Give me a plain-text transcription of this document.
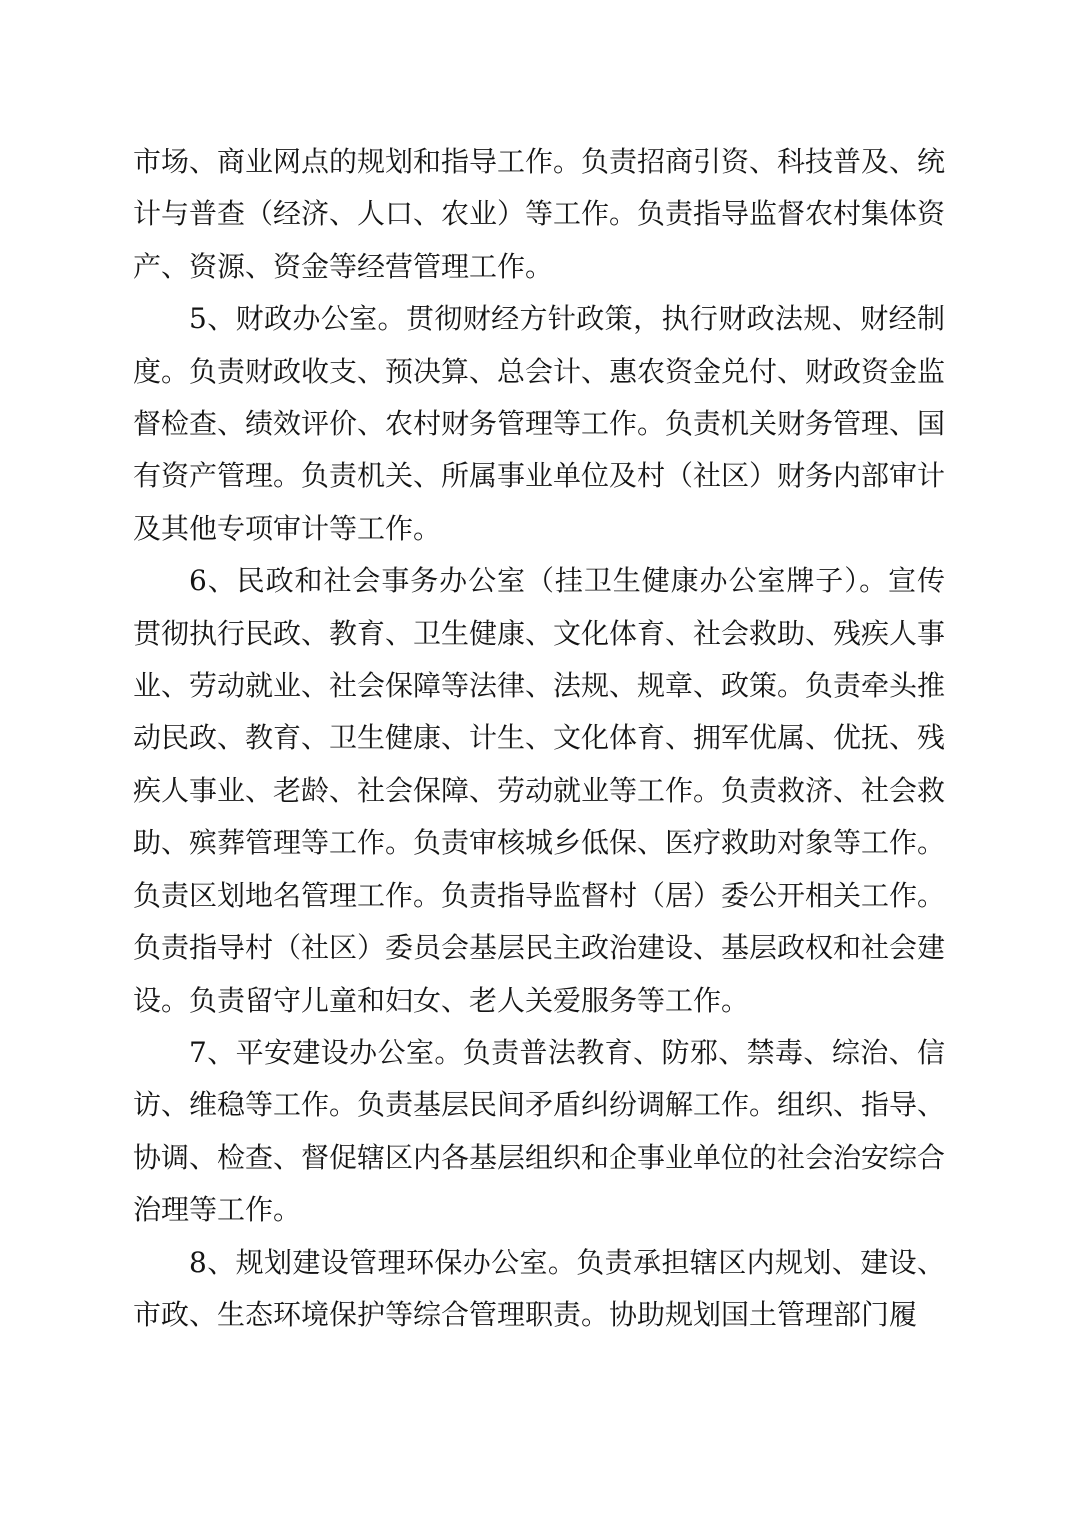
市场、商业网点的规划和指导工作。负责招商引资、科技普及、统计与普查（经济、人口、农业）等工作。负责指导监督农村集体资产、资源、资金等经营管理工作。

5、财政办公室。贯彻财经方针政策，执行财政法规、财经制度。负责财政收支、预决算、总会计、惠农资金兑付、财政资金监督检查、绩效评价、农村财务管理等工作。负责机关财务管理、国有资产管理。负责机关、所属事业单位及村（社区）财务内部审计及其他专项审计等工作。

6、民政和社会事务办公室（挂卫生健康办公室牌子）。宣传贯彻执行民政、教育、卫生健康、文化体育、社会救助、残疾人事业、劳动就业、社会保障等法律、法规、规章、政策。负责牵头推动民政、教育、卫生健康、计生、文化体育、拥军优属、优抚、残疾人事业、老龄、社会保障、劳动就业等工作。负责救济、社会救助、殡葬管理等工作。负责审核城乡低保、医疗救助对象等工作。负责区划地名管理工作。负责指导监督村（居）委公开相关工作。负责指导村（社区）委员会基层民主政治建设、基层政权和社会建设。负责留守儿童和妇女、老人关爱服务等工作。

7、平安建设办公室。负责普法教育、防邪、禁毒、综治、信访、维稳等工作。负责基层民间矛盾纠纷调解工作。组织、指导、协调、检查、督促辖区内各基层组织和企事业单位的社会治安综合治理等工作。

8、规划建设管理环保办公室。负责承担辖区内规划、建设、市政、生态环境保护等综合管理职责。协助规划国土管理部门履
